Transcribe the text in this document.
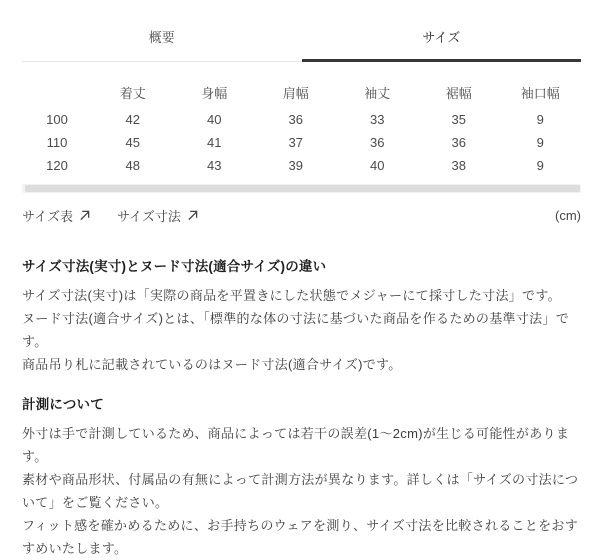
概要	サイズ
	着丈	身幅	肩幅	袖丈	裾幅	袖口幅
100	42	40	36	33	35	9
110	45	41	37	36	36	9
120	48	43	39	40	38	9
サイズ表	サイズ寸法	(cm)
サイズ寸法(実寸)とヌード寸法(適合サイズ)の違い

サイズ寸法(実寸)は「実際の商品を平置きにした状態でメジャーにて採寸した寸法」です。

ヌード寸法(適合サイズ)とは、「標準的な体の寸法に基づいた商品を作るための基準寸法」です。

商品吊り札に記載されているのはヌード寸法(適合サイズ)です。

計測について

外寸は手で計測しているため、商品によっては若干の誤差(1〜2cm)が生じる可能性があります。

素材や商品形状、付属品の有無によって計測方法が異なります。詳しくは「サイズの寸法について」をご覧ください。

フィット感を確かめるために、お手持ちのウェアを測り、サイズ寸法を比較されることをおすすめいたします。
